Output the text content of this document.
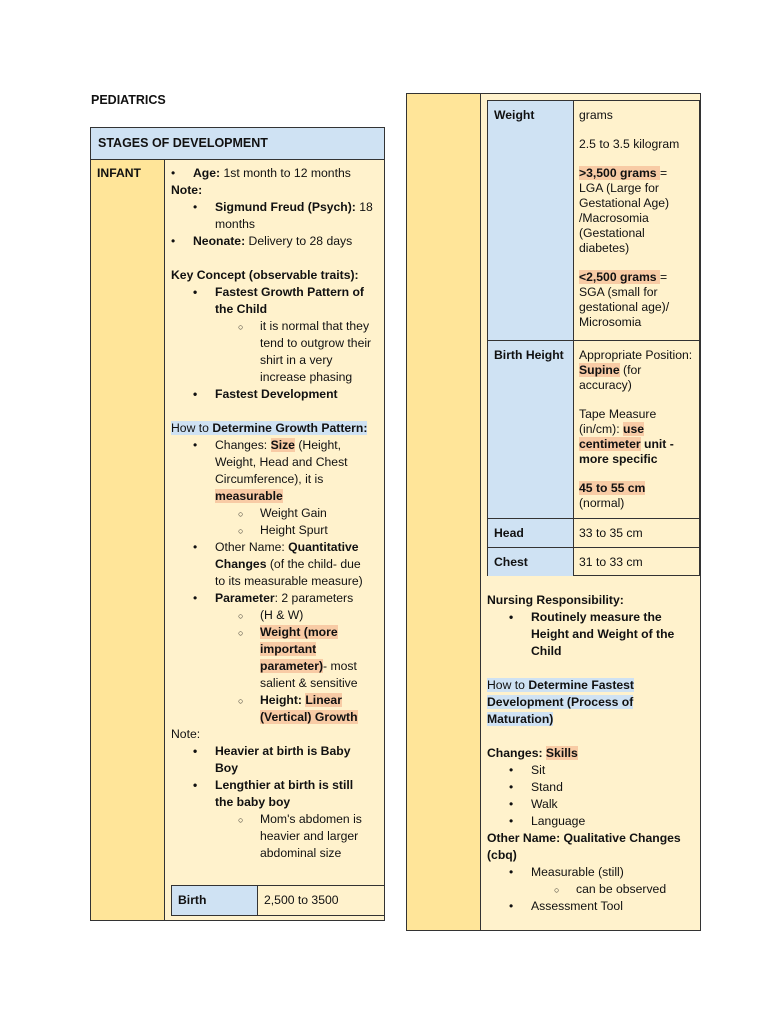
PEDIATRICS
STAGES OF DEVELOPMENT
INFANT
•	Age: 1st month to 12 months
Note:
• Sigmund Freud (Psych): 18
months
• Neonate: Delivery to 28 days
Key Concept (observable traits):
• Fastest Growth Pattern of
the Child
○ it is normal that they
tend to outgrow their
shirt in a very
increase phasing
• Fastest Development
How to Determine Growth Pattern:
• Changes: Size (Height,
Weight, Head and Chest
Circumference), it is
measurable
○ Weight Gain
○ Height Spurt
• Other Name: Quantitative
Changes (of the child- due
to its measurable measure)
• Parameter: 2 parameters
○ (H & W)
○ Weight (more
important
parameter)- most
salient & sensitive
○ Height: Linear
(Vertical) Growth
Note:
• Heavier at birth is Baby
Boy
• Lengthier at birth is still
the baby boy
○ Mom's abdomen is
heavier and larger
abdominal size
Birth	2,500 to 3500
Weight	grams

2.5 to 3.5 kilogram

>3,500 grams = LGA (Large for Gestational Age) /Macrosomia (Gestational diabetes)

<2,500 grams = SGA (small for gestational age)/ Microsomia

Birth Height	Appropriate Position: Supine (for accuracy)

Tape Measure (in/cm): use centimeter unit - more specific

45 to 55 cm
(normal)

Head	33 to 35 cm
Chest	31 to 33 cm
Nursing Responsibility:
• Routinely measure the
Height and Weight of the
Child
How to Determine Fastest
Development (Process of
Maturation)
Changes: Skills
• Sit
• Stand
• Walk
• Language
Other Name: Qualitative Changes
(cbq)
• Measurable (still)
○ can be observed
• Assessment Tool
